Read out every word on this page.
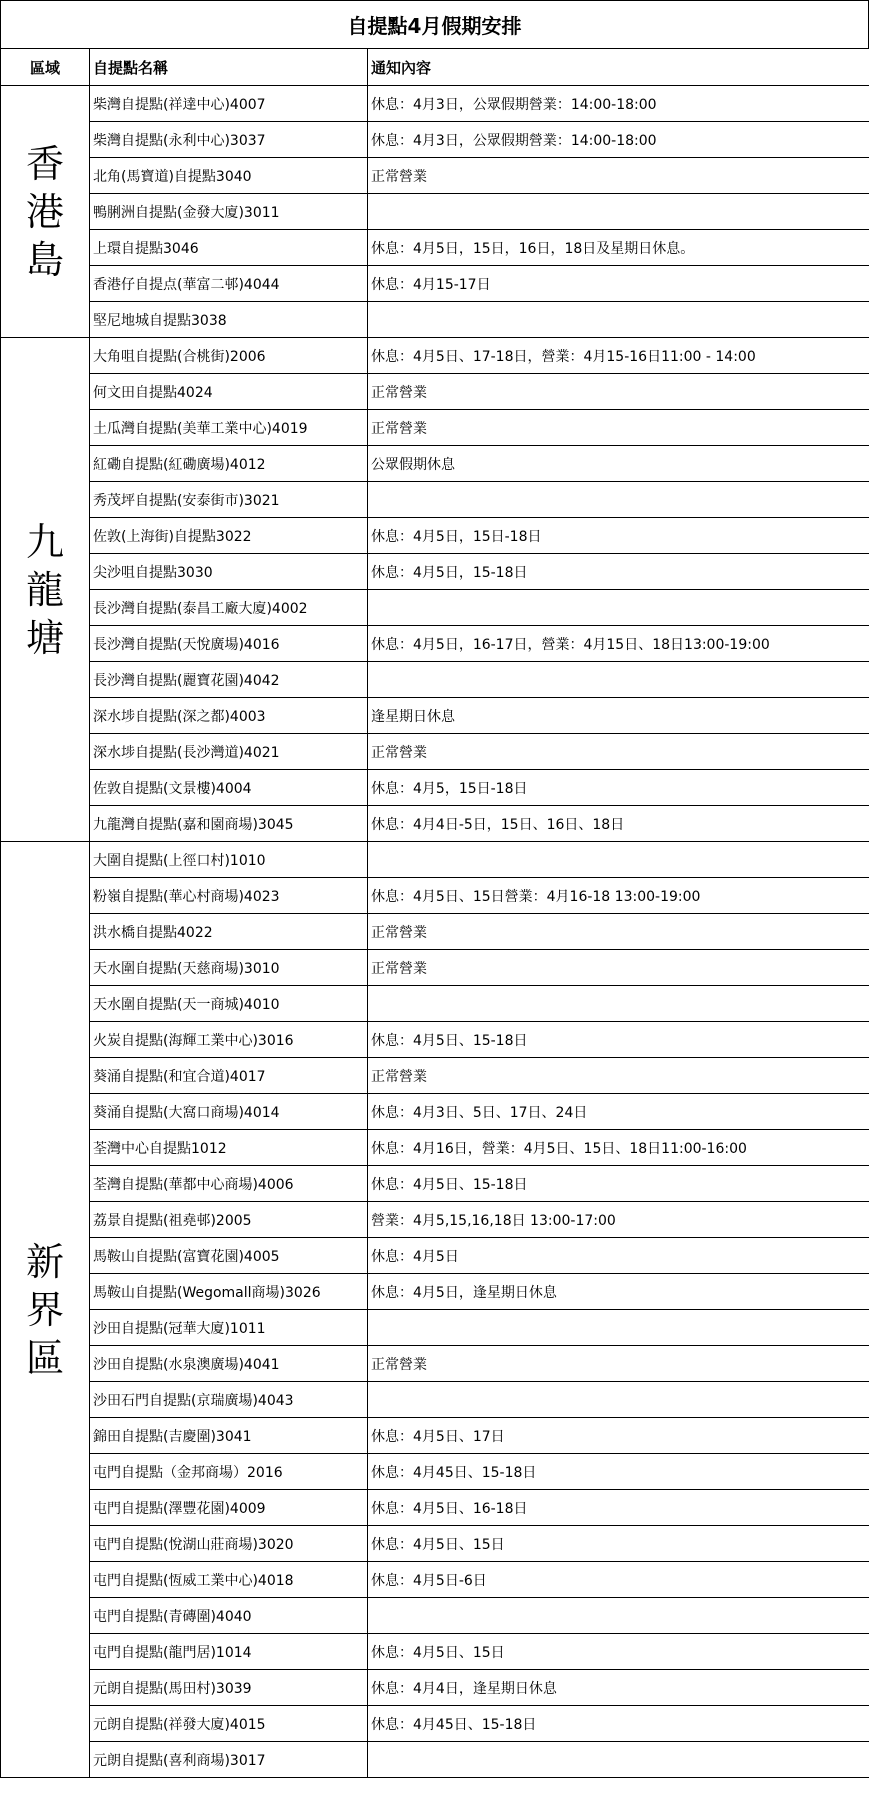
自提點4月假期安排
區域	自提點名稱	通知內容

香
港
島	柴灣自提點(祥達中心)4007	休息：4月3日，公眾假期營業：14:00-18:00
	柴灣自提點(永利中心)3037	休息：4月3日，公眾假期營業：14:00-18:00
	北角(馬寶道)自提點3040	正常營業
	鴨脷洲自提點(金發大廈)3011	
	上環自提點3046	休息：4月5日，15日，16日，18日及星期日休息。
	香港仔自提点(華富二邨)4044	休息：4月15-17日
	堅尼地城自提點3038	

九
龍
塘	大角咀自提點(合桃街)2006	休息：4月5日、17-18日，營業：4月15-16日11:00 - 14:00
	何文田自提點4024	正常營業
	土瓜灣自提點(美華工業中心)4019	正常營業
	紅磡自提點(紅磡廣場)4012	公眾假期休息
	秀茂坪自提點(安泰街市)3021	
	佐敦(上海街)自提點3022	休息：4月5日，15日-18日
	尖沙咀自提點3030	休息：4月5日，15-18日
	長沙灣自提點(泰昌工廠大廈)4002	
	長沙灣自提點(天悅廣場)4016	休息：4月5日，16-17日，營業：4月15日、18日13:00-19:00
	長沙灣自提點(麗寶花園)4042	
	深水埗自提點(深之都)4003	逢星期日休息
	深水埗自提點(長沙灣道)4021	正常營業
	佐敦自提點(文景樓)4004	休息：4月5，15日-18日
	九龍灣自提點(嘉和園商場)3045	休息：4月4日-5日，15日、16日、18日

新
界
區	大圍自提點(上徑口村)1010	
	粉嶺自提點(華心村商場)4023	休息：4月5日、15日營業：4月16-18 13:00-19:00
	洪水橋自提點4022	正常營業
	天水圍自提點(天慈商場)3010	正常營業
	天水圍自提點(天一商城)4010	
	火炭自提點(海輝工業中心)3016	休息：4月5日、15-18日
	葵涌自提點(和宜合道)4017	正常營業
	葵涌自提點(大窩口商場)4014	休息：4月3日、5日、17日、24日
	荃灣中心自提點1012	休息：4月16日，營業：4月5日、15日、18日11:00-16:00
	荃灣自提點(華都中心商場)4006	休息：4月5日、15-18日
	荔景自提點(祖堯邨)2005	營業：4月5,15,16,18日 13:00-17:00
	馬鞍山自提點(富寶花園)4005	休息：4月5日
	馬鞍山自提點(Wegomall商場)3026	休息：4月5日，逢星期日休息
	沙田自提點(冠華大廈)1011	
	沙田自提點(水泉澳廣場)4041	正常營業
	沙田石門自提點(京瑞廣場)4043	
	錦田自提點(吉慶圍)3041	休息：4月5日、17日
	屯門自提點（金邦商場）2016	休息：4月45日、15-18日
	屯門自提點(澤豐花園)4009	休息：4月5日、16-18日
	屯門自提點(悅湖山莊商場)3020	休息：4月5日、15日
	屯門自提點(恆威工業中心)4018	休息：4月5日-6日
	屯門自提點(青磚圍)4040	
	屯門自提點(龍門居)1014	休息：4月5日、15日
	元朗自提點(馬田村)3039	休息：4月4日，逢星期日休息
	元朗自提點(祥發大廈)4015	休息：4月45日、15-18日
	元朗自提點(喜利商場)3017	
